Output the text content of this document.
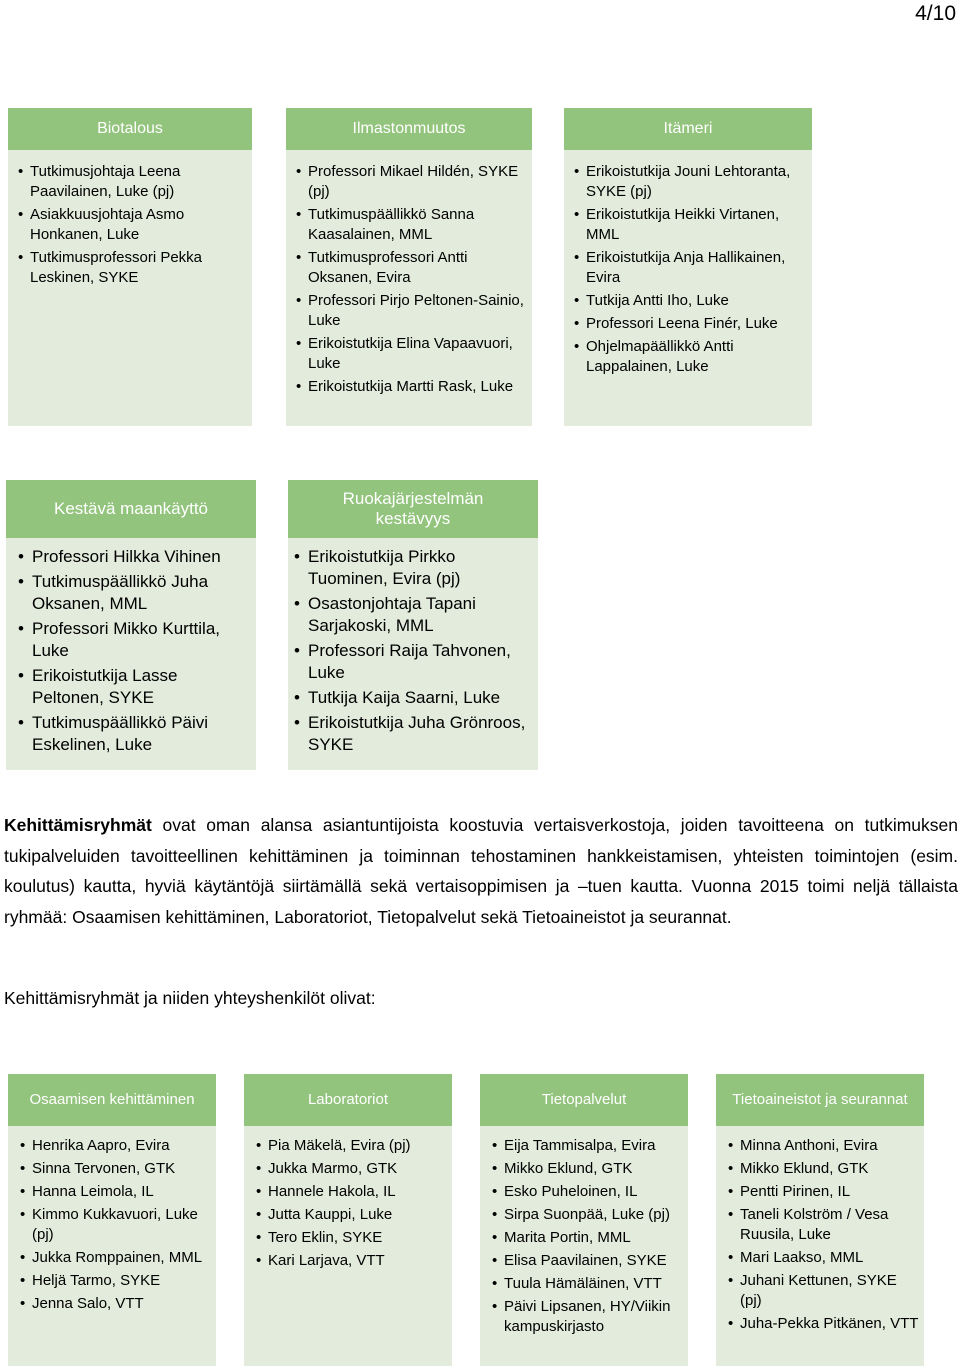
4/10
Biotalous
• Tutkimusjohtaja Leena Paavilainen, Luke (pj)
• Asiakkuusjohtaja Asmo Honkanen, Luke
• Tutkimusprofessori Pekka Leskinen, SYKE
Ilmastonmuutos
• Professori Mikael Hildén, SYKE (pj)
• Tutkimuspäällikkö Sanna Kaasalainen, MML
• Tutkimusprofessori Antti Oksanen, Evira
• Professori Pirjo Peltonen-Sainio, Luke
• Erikoistutkija Elina Vapaavuori, Luke
• Erikoistutkija Martti Rask, Luke
Itämeri
• Erikoistutkija Jouni Lehtoranta, SYKE (pj)
• Erikoistutkija Heikki Virtanen, MML
• Erikoistutkija Anja Hallikainen, Evira
• Tutkija Antti Iho, Luke
• Professori Leena Finér, Luke
• Ohjelmapäällikkö Antti Lappalainen, Luke
Kestävä maankäyttö
• Professori Hilkka Vihinen
• Tutkimuspäällikkö Juha Oksanen, MML
• Professori Mikko Kurttila, Luke
• Erikoistutkija Lasse Peltonen, SYKE
• Tutkimuspäällikkö Päivi Eskelinen, Luke
Ruokajärjestelmän kestävyys
• Erikoistutkija Pirkko Tuominen, Evira (pj)
• Osastonjohtaja Tapani Sarjakoski, MML
• Professori Raija Tahvonen, Luke
• Tutkija Kaija Saarni, Luke
• Erikoistutkija Juha Grönroos, SYKE

Kehittämisryhmät ovat oman alansa asiantuntijoista koostuvia vertaisverkostoja, joiden tavoitteena on tutkimuksen tukipalveluiden tavoitteellinen kehittäminen ja toiminnan tehostaminen hankkeistamisen, yhteisten toimintojen (esim. koulutus) kautta, hyviä käytäntöjä siirtämällä sekä vertaisoppimisen ja –tuen kautta. Vuonna 2015 toimi neljä tällaista ryhmää: Osaamisen kehittäminen, Laboratoriot, Tietopalvelut sekä Tietoaineistot ja seurannat.

Kehittämisryhmät ja niiden yhteyshenkilöt olivat:

Osaamisen kehittäminen
• Henrika Aapro, Evira
• Sinna Tervonen, GTK
• Hanna Leimola, IL
• Kimmo Kukkavuori, Luke (pj)
• Jukka Romppainen, MML
• Heljä Tarmo, SYKE
• Jenna Salo, VTT
Laboratoriot
• Pia Mäkelä, Evira (pj)
• Jukka Marmo, GTK
• Hannele Hakola, IL
• Jutta Kauppi, Luke
• Tero Eklin, SYKE
• Kari Larjava, VTT
Tietopalvelut
• Eija Tammisalpa, Evira
• Mikko Eklund, GTK
• Esko Puheloinen, IL
• Sirpa Suonpää, Luke (pj)
• Marita Portin, MML
• Elisa Paavilainen, SYKE
• Tuula Hämäläinen, VTT
• Päivi Lipsanen, HY/Viikin kampuskirjasto
Tietoaineistot ja seurannat
• Minna Anthoni, Evira
• Mikko Eklund, GTK
• Pentti Pirinen, IL
• Taneli Kolström / Vesa Ruusila, Luke
• Mari Laakso, MML
• Juhani Kettunen, SYKE (pj)
• Juha-Pekka Pitkänen, VTT
